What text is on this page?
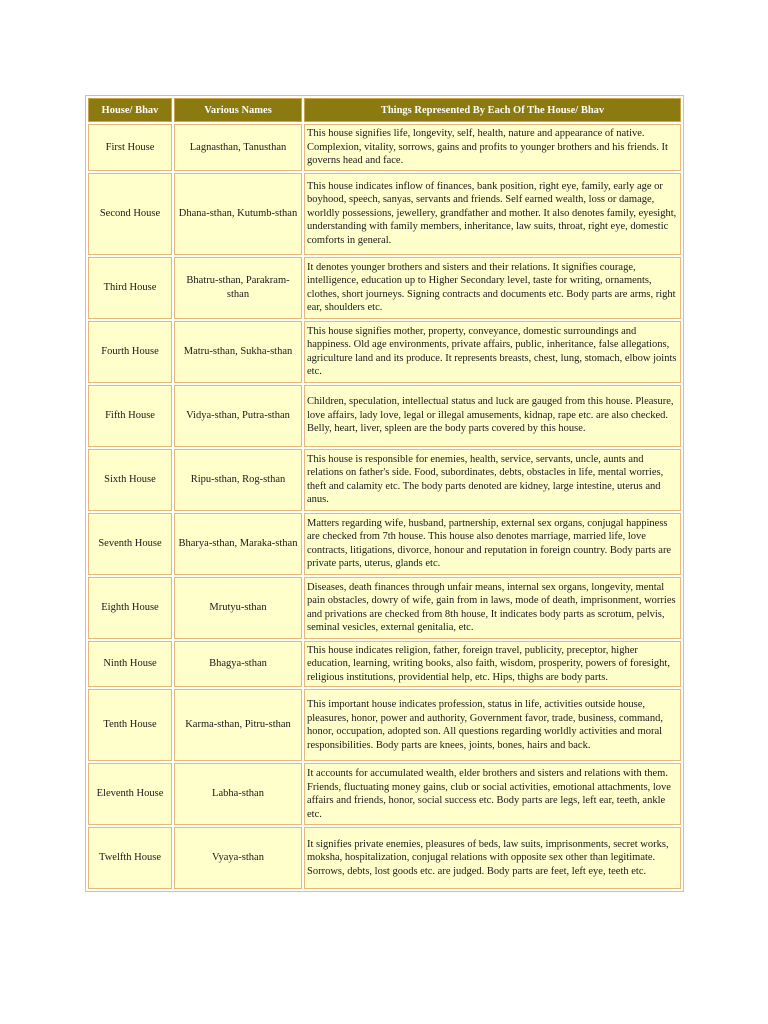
House/ Bhav	Various Names	Things Represented By Each Of The House/ Bhav
First House	Lagnasthan, Tanusthan	This house signifies life, longevity, self, health, nature and appearance of native. Complexion, vitality, sorrows, gains and profits to younger brothers and his friends. It governs head and face.
Second House	Dhana-sthan, Kutumb-sthan	This house indicates inflow of finances, bank position, right eye, family, early age or boyhood, speech, sanyas, servants and friends. Self earned wealth, loss or damage, worldly possessions, jewellery, grandfather and mother. It also denotes family, eyesight, understanding with family members, inheritance, law suits, throat, right eye, domestic comforts in general.
Third House	Bhatru-sthan, Parakram-sthan	It denotes younger brothers and sisters and their relations. It signifies courage, intelligence, education up to Higher Secondary level, taste for writing, ornaments, clothes, short journeys. Signing contracts and documents etc. Body parts are arms, right ear, shoulders etc.
Fourth House	Matru-sthan, Sukha-sthan	This house signifies mother, property, conveyance, domestic surroundings and happiness. Old age environments, private affairs, public, inheritance, false allegations, agriculture land and its produce. It represents breasts, chest, lung, stomach, elbow joints etc.
Fifth House	Vidya-sthan, Putra-sthan	Children, speculation, intellectual status and luck are gauged from this house. Pleasure, love affairs, lady love, legal or illegal amusements, kidnap, rape etc. are also checked. Belly, heart, liver, spleen are the body parts covered by this house.
Sixth House	Ripu-sthan, Rog-sthan	This house is responsible for enemies, health, service, servants, uncle, aunts and relations on father's side. Food, subordinates, debts, obstacles in life, mental worries, theft and calamity etc. The body parts denoted are kidney, large intestine, uterus and anus.
Seventh House	Bharya-sthan, Maraka-sthan	Matters regarding wife, husband, partnership, external sex organs, conjugal happiness are checked from 7th house. This house also denotes marriage, married life, love contracts, litigations, divorce, honour and reputation in foreign country. Body parts are private parts, uterus, glands etc.
Eighth House	Mrutyu-sthan	Diseases, death finances through unfair means, internal sex organs, longevity, mental pain obstacles, dowry of wife, gain from in laws, mode of death, imprisonment, worries and privations are checked from 8th house, It indicates body parts as scrotum, pelvis, seminal vesicles, external genitalia, etc.
Ninth House	Bhagya-sthan	This house indicates religion, father, foreign travel, publicity, preceptor, higher education, learning, writing books, also faith, wisdom, prosperity, powers of foresight, religious institutions, providential help, etc. Hips, thighs are body parts.
Tenth House	Karma-sthan, Pitru-sthan	This important house indicates profession, status in life, activities outside house, pleasures, honor, power and authority, Government favor, trade, business, command, honor, occupation, adopted son. All questions regarding worldly activities and moral responsibilities. Body parts are knees, joints, bones, hairs and back.
Eleventh House	Labha-sthan	It accounts for accumulated wealth, elder brothers and sisters and relations with them. Friends, fluctuating money gains, club or social activities, emotional attachments, love affairs and friends, honor, social success etc. Body parts are legs, left ear, teeth, ankle etc.
Twelfth House	Vyaya-sthan	It signifies private enemies, pleasures of beds, law suits, imprisonments, secret works, moksha, hospitalization, conjugal relations with opposite sex other than legitimate. Sorrows, debts, lost goods etc. are judged. Body parts are feet, left eye, teeth etc.
